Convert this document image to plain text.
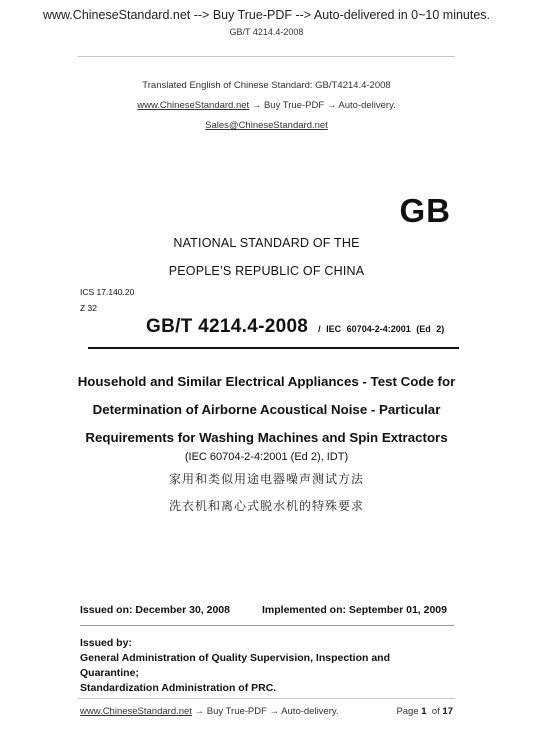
www.ChineseStandard.net --> Buy True-PDF --> Auto-delivered in 0~10 minutes.
GB/T 4214.4-2008
Translated English of Chinese Standard: GB/T4214.4-2008
www.ChineseStandard.net → Buy True-PDF → Auto-delivery.
Sales@ChineseStandard.net
GB
NATIONAL STANDARD OF THE
PEOPLE’S REPUBLIC OF CHINA
ICS 17.140.20
Z 32
GB/T 4214.4-2008 / IEC 60704-2-4:2001 (Ed 2)
Household and Similar Electrical Appliances - Test Code for
Determination of Airborne Acoustical Noise - Particular
Requirements for Washing Machines and Spin Extractors
(IEC 60704-2-4:2001 (Ed 2), IDT)
家用和类似用途电器噪声测试方法
洗衣机和离心式脱水机的特殊要求
Issued on: December 30, 2008	Implemented on: September 01, 2009
Issued by:General Administration of Quality Supervision, Inspection and
Quarantine;
Standardization Administration of PRC.
www.ChineseStandard.net → Buy True-PDF → Auto-delivery.	Page 1 of 17
